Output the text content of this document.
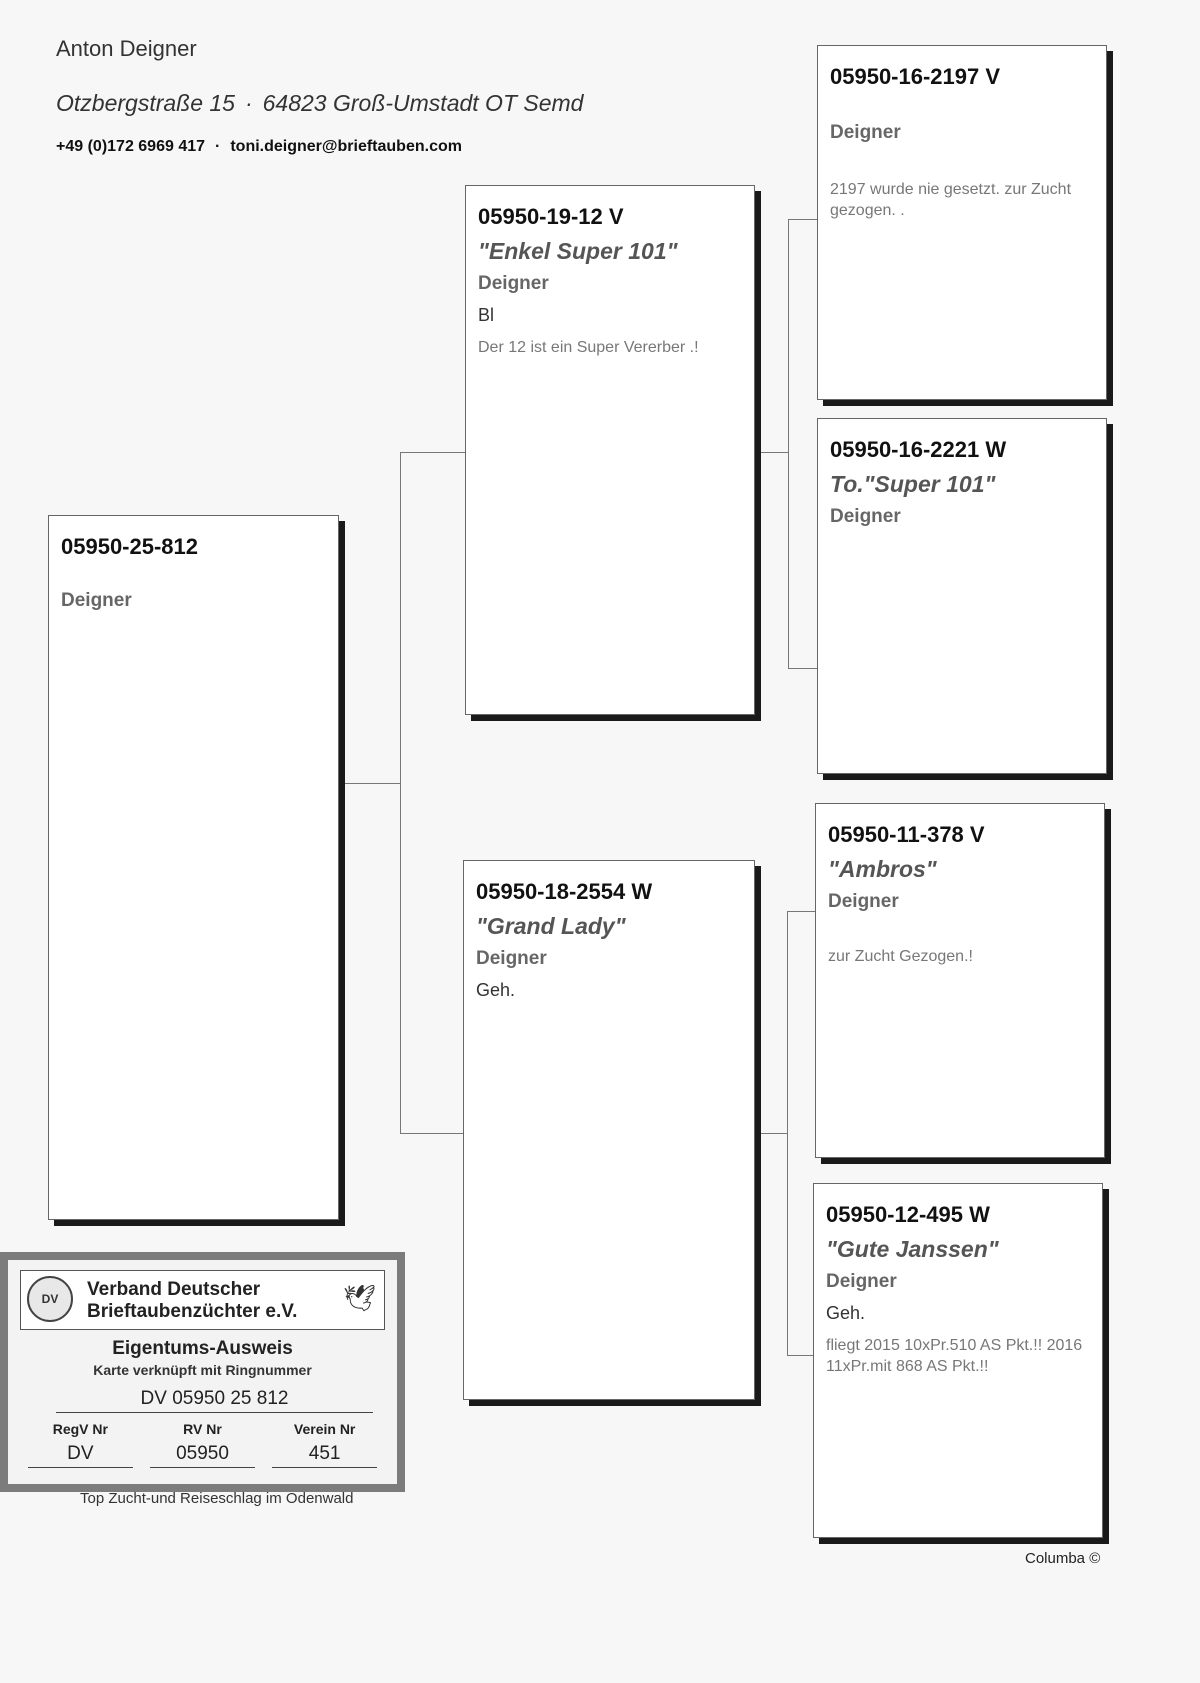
Anton Deigner
Otzbergstraße 15 · 64823 Groß-Umstadt OT Semd
+49 (0)172 6969 417 · toni.deigner@brieftauben.com
05950-25-812
Deigner
05950-19-12 V
"Enkel Super 101"
Deigner
Bl
Der 12 ist ein Super Vererber .!
05950-18-2554 W
"Grand Lady"
Deigner
Geh.
05950-16-2197 V
Deigner
2197 wurde nie gesetzt. zur Zucht gezogen. .
05950-16-2221 W
To."Super 101"
Deigner
05950-11-378 V
"Ambros"
Deigner
zur Zucht Gezogen.!
05950-12-495 W
"Gute Janssen"
Deigner
Geh.
fliegt 2015 10xPr.510 AS Pkt.!! 2016 11xPr.mit 868 AS Pkt.!!
DV	Verband Deutscher
Brieftaubenzüchter e.V. 🕊
Eigentums-Ausweis
Karte verknüpft mit Ringnummer
DV 05950 25 812
RegV Nr
DV
RV Nr
05950
Verein Nr
451
Top Zucht-und Reiseschlag im Odenwald
Columba ©
